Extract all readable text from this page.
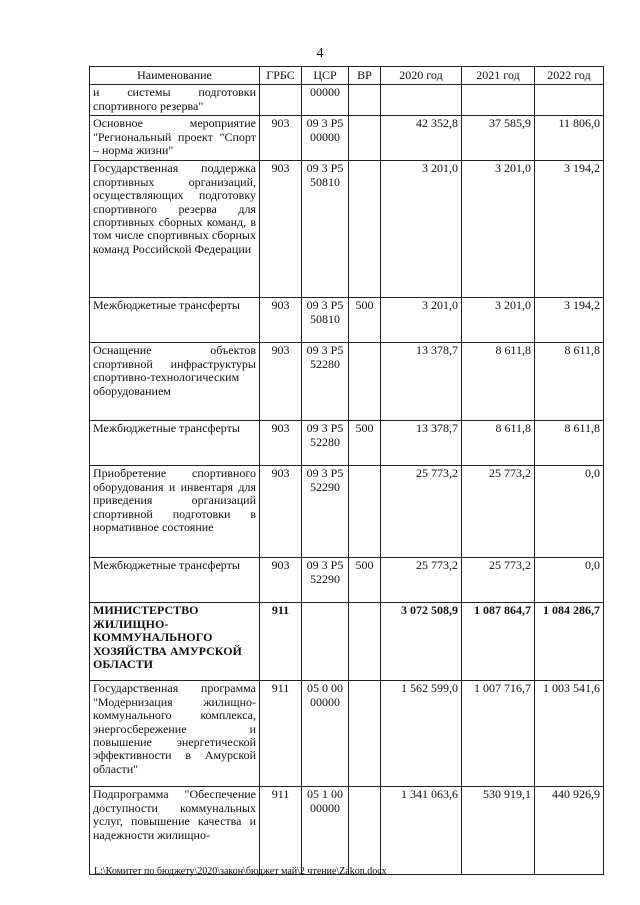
4
Наименование	ГРБС	ЦСР	ВР	2020 год	2021 год	2022 год
и системы подготовки спортивного резерва"		00000				
Основное мероприятие "Региональный проект "Спорт – норма жизни"	903	09 3 P5 00000		42 352,8	37 585,9	11 806,0
Государственная поддержка спортивных организаций, осуществляющих подготовку спортивного резерва для спортивных сборных команд, в том числе спортивных сборных команд Российской Федерации	903	09 3 P5 50810		3 201,0	3 201,0	3 194,2
Межбюджетные трансферты	903	09 3 P5 50810	500	3 201,0	3 201,0	3 194,2
Оснащение объектов спортивной инфраструктуры спортивно-технологическим оборудованием	903	09 3 P5 52280		13 378,7	8 611,8	8 611,8
Межбюджетные трансферты	903	09 3 P5 52280	500	13 378,7	8 611,8	8 611,8
Приобретение спортивного оборудования и инвентаря для приведения организаций спортивной подготовки в нормативное состояние	903	09 3 P5 52290		25 773,2	25 773,2	0,0
Межбюджетные трансферты	903	09 3 P5 52290	500	25 773,2	25 773,2	0,0
МИНИСТЕРСТВО ЖИЛИЩНО-КОММУНАЛЬНОГО ХОЗЯЙСТВА АМУРСКОЙ ОБЛАСТИ	911			3 072 508,9	1 087 864,7	1 084 286,7
Государственная программа "Модернизация жилищно-коммунального комплекса, энергосбережение и повышение энергетической эффективности в Амурской области"	911	05 0 00 00000		1 562 599,0	1 007 716,7	1 003 541,6
Подпрограмма "Обеспечение доступности коммунальных услуг, повышение качества и надежности жилищно-	911	05 1 00 00000		1 341 063,6	530 919,1	440 926,9
L:\Комитет по бюджету\2020\закон\бюджет май\2 чтение\Zakon.docx
